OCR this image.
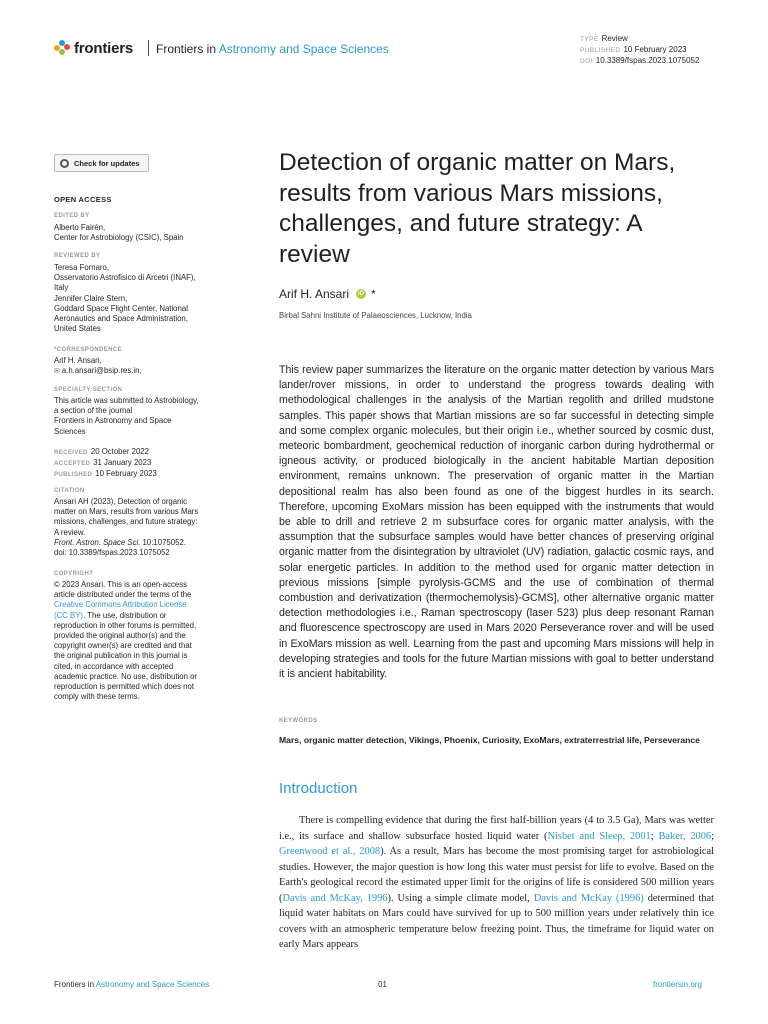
frontiers Frontiers in Astronomy and Space Sciences
TYPE Review
PUBLISHED 10 February 2023
DOI 10.3389/fspas.2023.1075052
Check for updates
OPEN ACCESS
EDITED BY
Alberto Fairén,
Center for Astrobiology (CSIC), Spain
REVIEWED BY
Teresa Fornaro,
Osservatorio Astrofisico di Arcetri (INAF),
Italy
Jennifer Claire Stern,
Goddard Space Flight Center, National
Aeronautics and Space Administration,
United States
*CORRESPONDENCE
Arif H. Ansari,
✉ a.h.ansari@bsip.res.in,
SPECIALTY SECTION
This article was submitted to Astrobiology,
a section of the journal
Frontiers in Astronomy and Space
Sciences
RECEIVED 20 October 2022
ACCEPTED 31 January 2023
PUBLISHED 10 February 2023
CITATION
Ansari AH (2023), Detection of organic
matter on Mars, results from various Mars
missions, challenges, and future strategy:
A review.
Front. Astron. Space Sci. 10:1075052.
doi: 10.3389/fspas.2023.1075052
COPYRIGHT
© 2023 Ansari. This is an open-access
article distributed under the terms of the
Creative Commons Attribution License
(CC BY). The use, distribution or
reproduction in other forums is permitted,
provided the original author(s) and the
copyright owner(s) are credited and that
the original publication in this journal is
cited, in accordance with accepted
academic practice. No use, distribution or
reproduction is permitted which does not
comply with these terms.
Detection of organic matter on Mars, results from various Mars missions, challenges, and future strategy: A review
Arif H. Ansari	iD *
Birbal Sahni Institute of Palaeosciences, Lucknow, India
This review paper summarizes the literature on the organic matter detection by various Mars lander/rover missions, in order to understand the progress towards dealing with methodological challenges in the analysis of the Martian regolith and drilled mudstone samples. This paper shows that Martian missions are so far successful in detecting simple and some complex organic molecules, but their origin i.e., whether sourced by cosmic dust, meteoric bombardment, geochemical reduction of inorganic carbon during hydrothermal or igneous activity, or produced biologically in the ancient habitable Martian deposition environment, remains unknown. The preservation of organic matter in the Martian depositional realm has also been found as one of the biggest hurdles in its search. Therefore, upcoming ExoMars mission has been equipped with the instruments that would be able to drill and retrieve 2 m subsurface cores for organic matter analysis, with the assumption that the subsurface samples would have better chances of preserving original organic matter from the disintegration by ultraviolet (UV) radiation, galactic cosmic rays, and solar energetic particles. In addition to the method used for organic matter detection in previous missions [simple pyrolysis-GCMS and the use of combination of thermal combustion and derivatization (thermochemolysis)-GCMS], other alternative organic matter detection methodologies i.e., Raman spectroscopy (laser 523) plus deep resonant Raman and fluorescence spectroscopy are used in Mars 2020 Perseverance rover and will be used in ExoMars mission as well. Learning from the past and upcoming Mars missions will help in developing strategies and tools for the future Martian missions with goal to better understand it is ancient habitability.
KEYWORDS
Mars, organic matter detection, Vikings, Phoenix, Curiosity, ExoMars, extraterrestrial life, Perseverance
Introduction
There is compelling evidence that during the first half-billion years (4 to 3.5 Ga), Mars was wetter i.e., its surface and shallow subsurface hosted liquid water (Nisbet and Sleep, 2001; Baker, 2006; Greenwood et al., 2008). As a result, Mars has become the most promising target for astrobiological studies. However, the major question is how long this water must persist for life to evolve. Based on the Earth's geological record the estimated upper limit for the origins of life is considered 500 million years (Davis and McKay, 1996). Using a simple climate model, Davis and McKay (1996) determined that liquid water habitats on Mars could have survived for up to 500 million years under relatively thin ice covers with an atmospheric temperature below freezing point. Thus, the timeframe for liquid water on early Mars appears
Frontiers in Astronomy and Space Sciences	01	frontiersin.org
